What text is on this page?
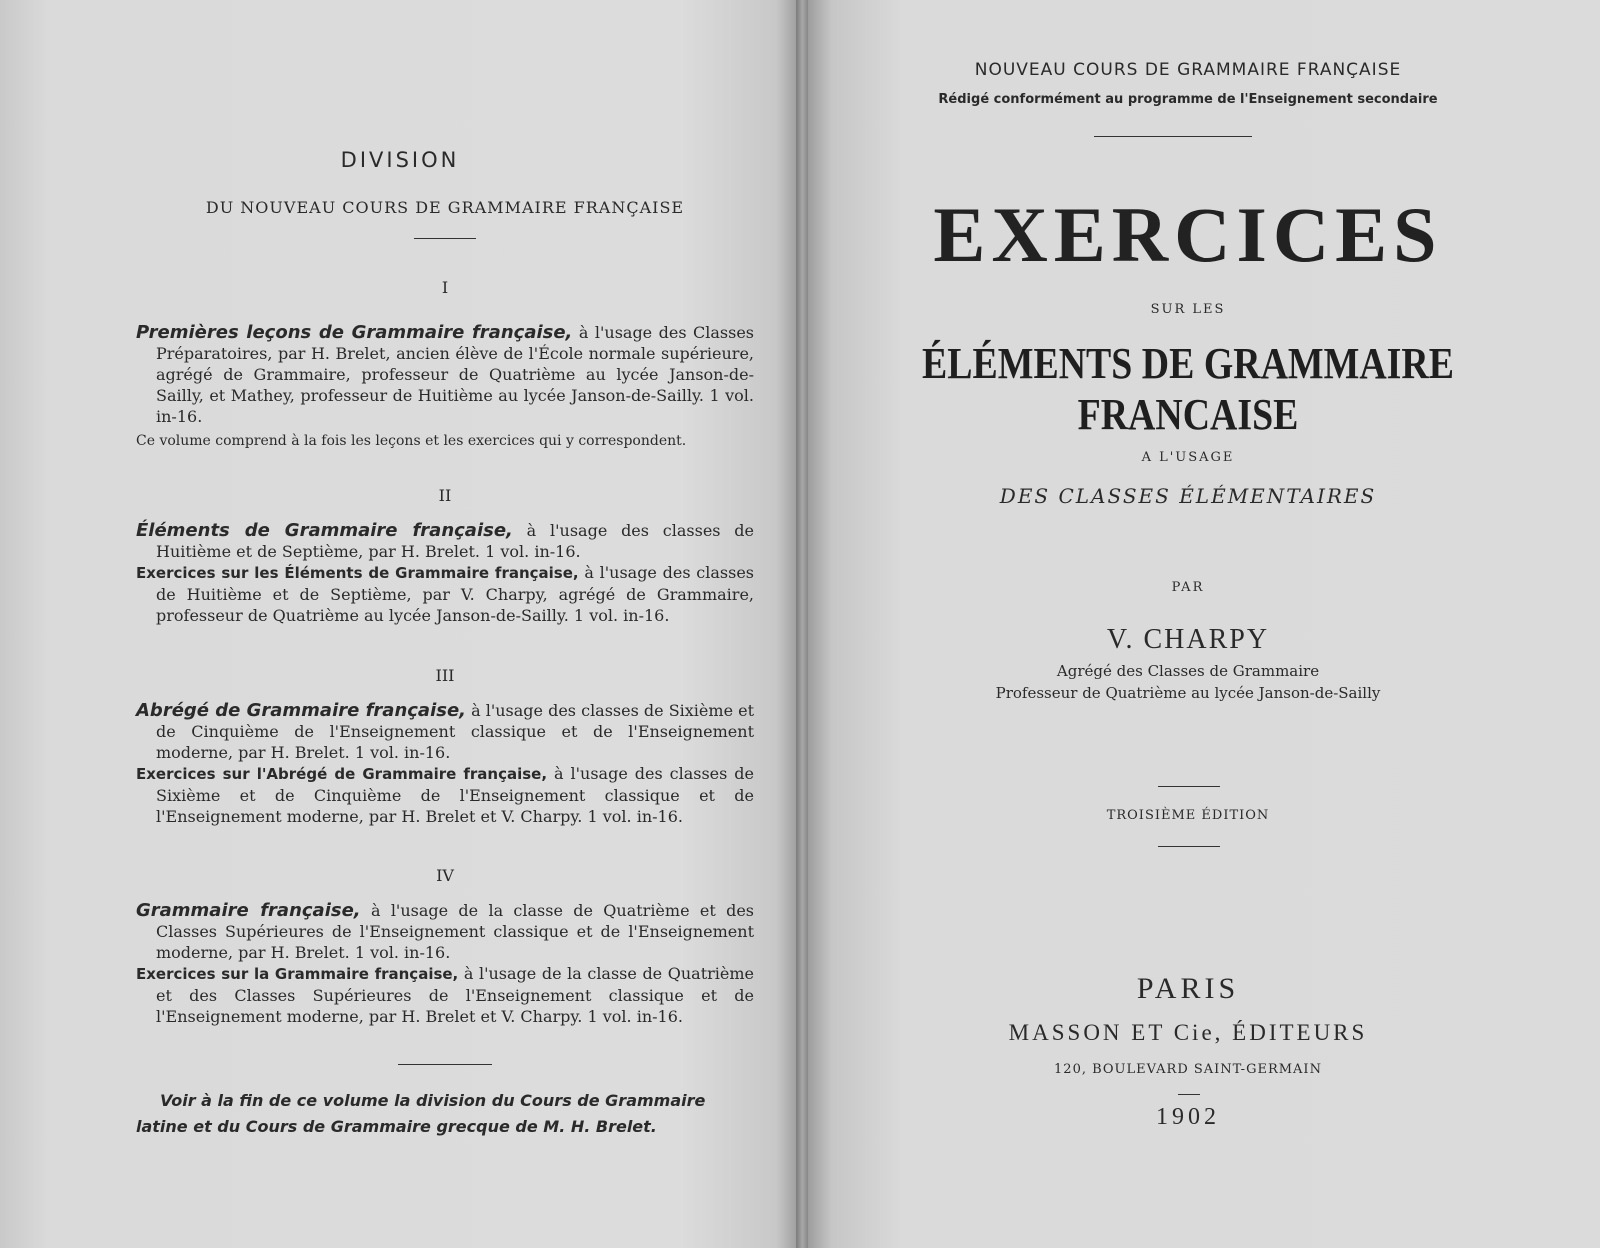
DIVISION
DU NOUVEAU COURS DE GRAMMAIRE FRANÇAISE
I
Premières leçons de Grammaire française, à l'usage des Classes Préparatoires, par H. Brelet, ancien élève de l'École normale supérieure, agrégé de Grammaire, professeur de Quatrième au lycée Janson-de-Sailly, et Mathey, professeur de Huitième au lycée Janson-de-Sailly. 1 vol. in-16.
Ce volume comprend à la fois les leçons et les exercices qui y correspondent.
II
Éléments de Grammaire française, à l'usage des classes de Huitième et de Septième, par H. Brelet. 1 vol. in-16.
Exercices sur les Éléments de Grammaire française, à l'usage des classes de Huitième et de Septième, par V. Charpy, agrégé de Grammaire, professeur de Quatrième au lycée Janson-de-Sailly. 1 vol. in-16.
III
Abrégé de Grammaire française, à l'usage des classes de Sixième et de Cinquième de l'Enseignement classique et de l'Enseignement moderne, par H. Brelet. 1 vol. in-16.
Exercices sur l'Abrégé de Grammaire française, à l'usage des classes de Sixième et de Cinquième de l'Enseignement classique et de l'Enseignement moderne, par H. Brelet et V. Charpy. 1 vol. in-16.
IV
Grammaire française, à l'usage de la classe de Quatrième et des Classes Supérieures de l'Enseignement classique et de l'Enseignement moderne, par H. Brelet. 1 vol. in-16.
Exercices sur la Grammaire française, à l'usage de la classe de Quatrième et des Classes Supérieures de l'Enseignement classique et de l'Enseignement moderne, par H. Brelet et V. Charpy. 1 vol. in-16.
Voir à la fin de ce volume la division du Cours de Grammaire latine et du Cours de Grammaire grecque de M. H. Brelet.
NOUVEAU COURS DE GRAMMAIRE FRANÇAISE
Rédigé conformément au programme de l'Enseignement secondaire
EXERCICES
SUR LES
ÉLÉMENTS DE GRAMMAIRE FRANCAISE
A L'USAGE
DES CLASSES ÉLÉMENTAIRES
PAR
V. CHARPY
Agrégé des Classes de Grammaire
Professeur de Quatrième au lycée Janson-de-Sailly
TROISIÈME ÉDITION
PARIS
MASSON ET Cie, ÉDITEURS
120, BOULEVARD SAINT-GERMAIN
1902
